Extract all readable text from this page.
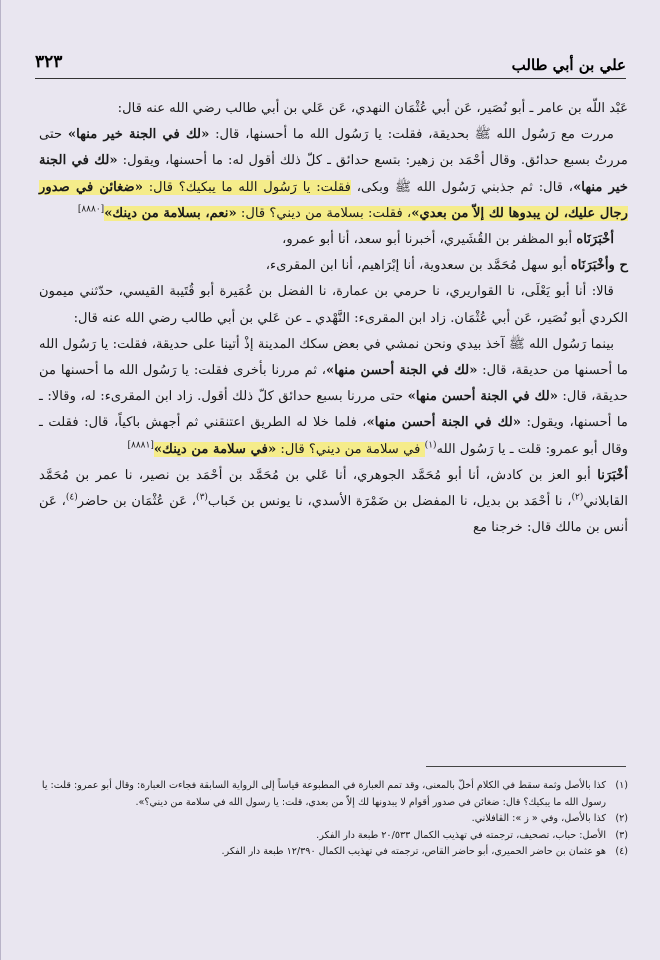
علي بن أبي طالب
٣٢٣

عَبْد اللّه بن عامر ـ أبو نُصَير، عَن أبي عُثْمَان النهدي، عَن عَلي بن أبي طالب رضي الله عنه قال:

مررت مع رَسُول الله ﷺ بحديقة، فقلت: يا رَسُول الله ما أحسنها، قال: «لك في الجنة خير منها» حتى مررتُ بسبع حدائق. وقال أحْمَد بن زهير: بتسع حدائق ـ كلّ ذلك أقول له: ما أحسنها، ويقول: «لك في الجنة خير منها»، قال: ثم جذبني رَسُول الله ﷺ وبكى، فقلت: يا رَسُول الله ما يبكيك؟ قال: «ضغائن في صدور رجال عليك، لن يبدوها لك إلاّ من بعدي»، فقلت: بسلامة من ديني؟ قال: «نعم، بسلامة من دينك»[٨٨٨٠]

أخْبَرَنَاه أبو المظفر بن القُشَيري، أخبرنا أبو سعد، أنا أبو عمرو،

ح وأخْبَرَنَاه أبو سهل مُحَمَّد بن سعدوية، أنا إبْرَاهيم، أنا ابن المقرىء،

قالا: أنا أبو يَعْلَى، نا القواريري، نا حرمي بن عمارة، نا الفضل بن عُمَيرة أبو قُتَيبة القيسي، حدّثني ميمون الكردي أبو نُصَير، عَن أبي عُثْمَان. زاد ابن المقرىء: النَّهْدي ـ عن عَلي بن أبي طالب رضي الله عنه قال:

بينما رَسُول الله ﷺ آخذ بيدي ونحن نمشي في بعض سكك المدينة إذْ أتينا على حديقة، فقلت: يا رَسُول الله ما أحسنها من حديقة، قال: «لك في الجنة أحسن منها»، ثم مررنا بأخرى فقلت: يا رَسُول الله ما أحسنها من حديقة، قال: «لك في الجنة أحسن منها» حتى مررنا بسبع حدائق كلّ ذلك أقول. زاد ابن المقرىء: له، وقالا: ـ ما أحسنها، ويقول: «لك في الجنة أحسن منها»، فلما خلا له الطريق اعتنقني ثم أجهش باكياً، قال: فقلت ـ وقال أبو عمرو: قلت ـ يا رَسُول الله$^{(١)}$ في سلامة من ديني؟ قال: «في سلامة من دينك»[٨٨٨١]

أخْبَرَنا أبو العز بن كادش، أنا أبو مُحَمَّد الجوهري، أنا عَلي بن مُحَمَّد بن أحْمَد بن نصير، نا عمر بن مُحَمَّد القابلاني$^{(٢)}$، نا أحْمَد بن بديل، نا المفضل بن ضَمْرَة الأسدي، نا يونس بن خَباب$^{(٣)}$، عَن عُثْمَان بن حاضر$^{(٤)}$، عَن أنس بن مالك قال: خرجنا مع

(١)
كذا بالأصل وثمة سقط في الكلام أخلّ بالمعنى، وقد تمم العبارة في المطبوعة قياساً إلى الرواية السابقة فجاءت العبارة: وقال أبو عمرو: قلت: يا رسول الله ما يبكيك؟ قال: ضغائن في صدور أقوام لا يبدونها لك إلاّ من بعدي، قلت: يا رسول الله في سلامة من ديني؟».

(٢)
كذا بالأصل، وفي « ز »: القافلاني.

(٣)
الأصل: حباب، تصحيف، ترجمته في تهذيب الكمال ٢٠/٥٣٣ طبعة دار الفكر.

(٤)
هو عثمان بن حاضر الحميري، أبو حاضر القاص، ترجمته في تهذيب الكمال ١٢/٣٩٠ طبعة دار الفكر.
